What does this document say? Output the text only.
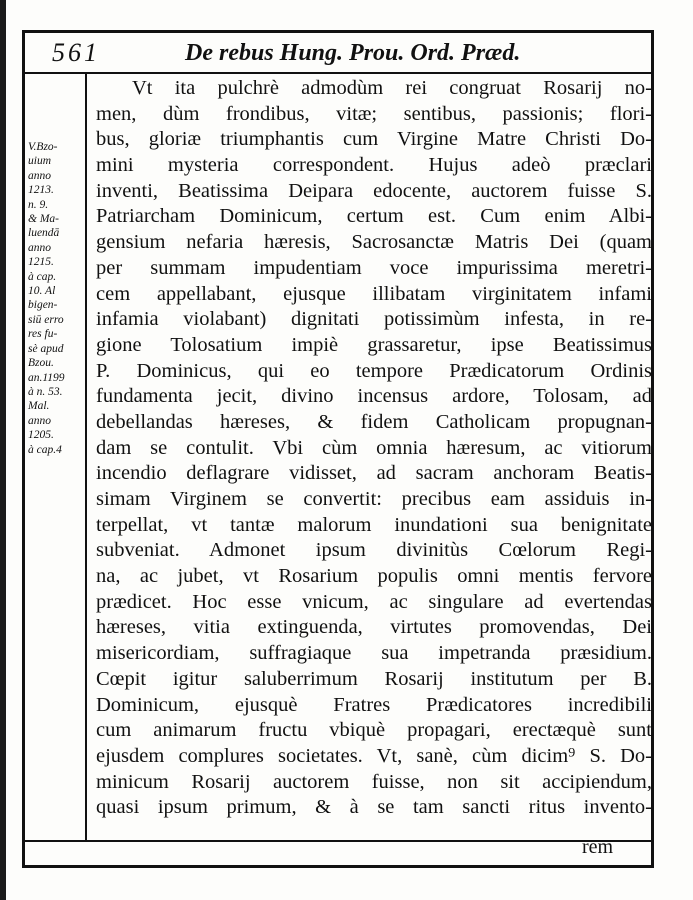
561	De rebus Hung. Prou. Ord. Præd.
V.Bzo-
uium
anno
1213.
n. 9.
& Ma-
luendā
anno
1215.
à cap.
10. Al
bigen-
siū erro
res fu-
sè apud
Bzou.
an.1199
à n. 53.
Mal.
anno
1205.
à cap.4
Vt ita pulchrè admodùm rei congruat Rosarij no-
men, dùm frondibus, vitæ; sentibus, passionis; flori-
bus, gloriæ triumphantis cum Virgine Matre Christi Do-
mini mysteria correspondent. Hujus adeò præclari
inventi, Beatissima Deipara edocente, auctorem fuisse S.
Patriarcham Dominicum, certum est. Cum enim Albi-
gensium nefaria hæresis, Sacrosanctæ Matris Dei (quam
per summam impudentiam voce impurissima meretri-
cem appellabant, ejusque illibatam virginitatem infami
infamia violabant) dignitati potissimùm infesta, in re-
gione Tolosatium impiè grassaretur, ipse Beatissimus
P. Dominicus, qui eo tempore Prædicatorum Ordinis
fundamenta jecit, divino incensus ardore, Tolosam, ad
debellandas hæreses, & fidem Catholicam propugnan-
dam se contulit. Vbi cùm omnia hæresum, ac vitiorum
incendio deflagrare vidisset, ad sacram anchoram Beatis-
simam Virginem se convertit: precibus eam assiduis in-
terpellat, vt tantæ malorum inundationi sua benignitate
subveniat. Admonet ipsum divinitùs Cœlorum Regi-
na, ac jubet, vt Rosarium populis omni mentis fervore
prædicet. Hoc esse vnicum, ac singulare ad evertendas
hæreses, vitia extinguenda, virtutes promovendas, Dei
misericordiam, suffragiaque sua impetranda præsidium.
Cœpit igitur saluberrimum Rosarij institutum per B.
Dominicum, ejusquè Fratres Prædicatores incredibili
cum animarum fructu vbiquè propagari, erectæquè sunt
ejusdem complures societates. Vt, sanè, cùm dicim⁹ S. Do-
minicum Rosarij auctorem fuisse, non sit accipiendum,
quasi ipsum primum, & à se tam sancti ritus invento-
rem
